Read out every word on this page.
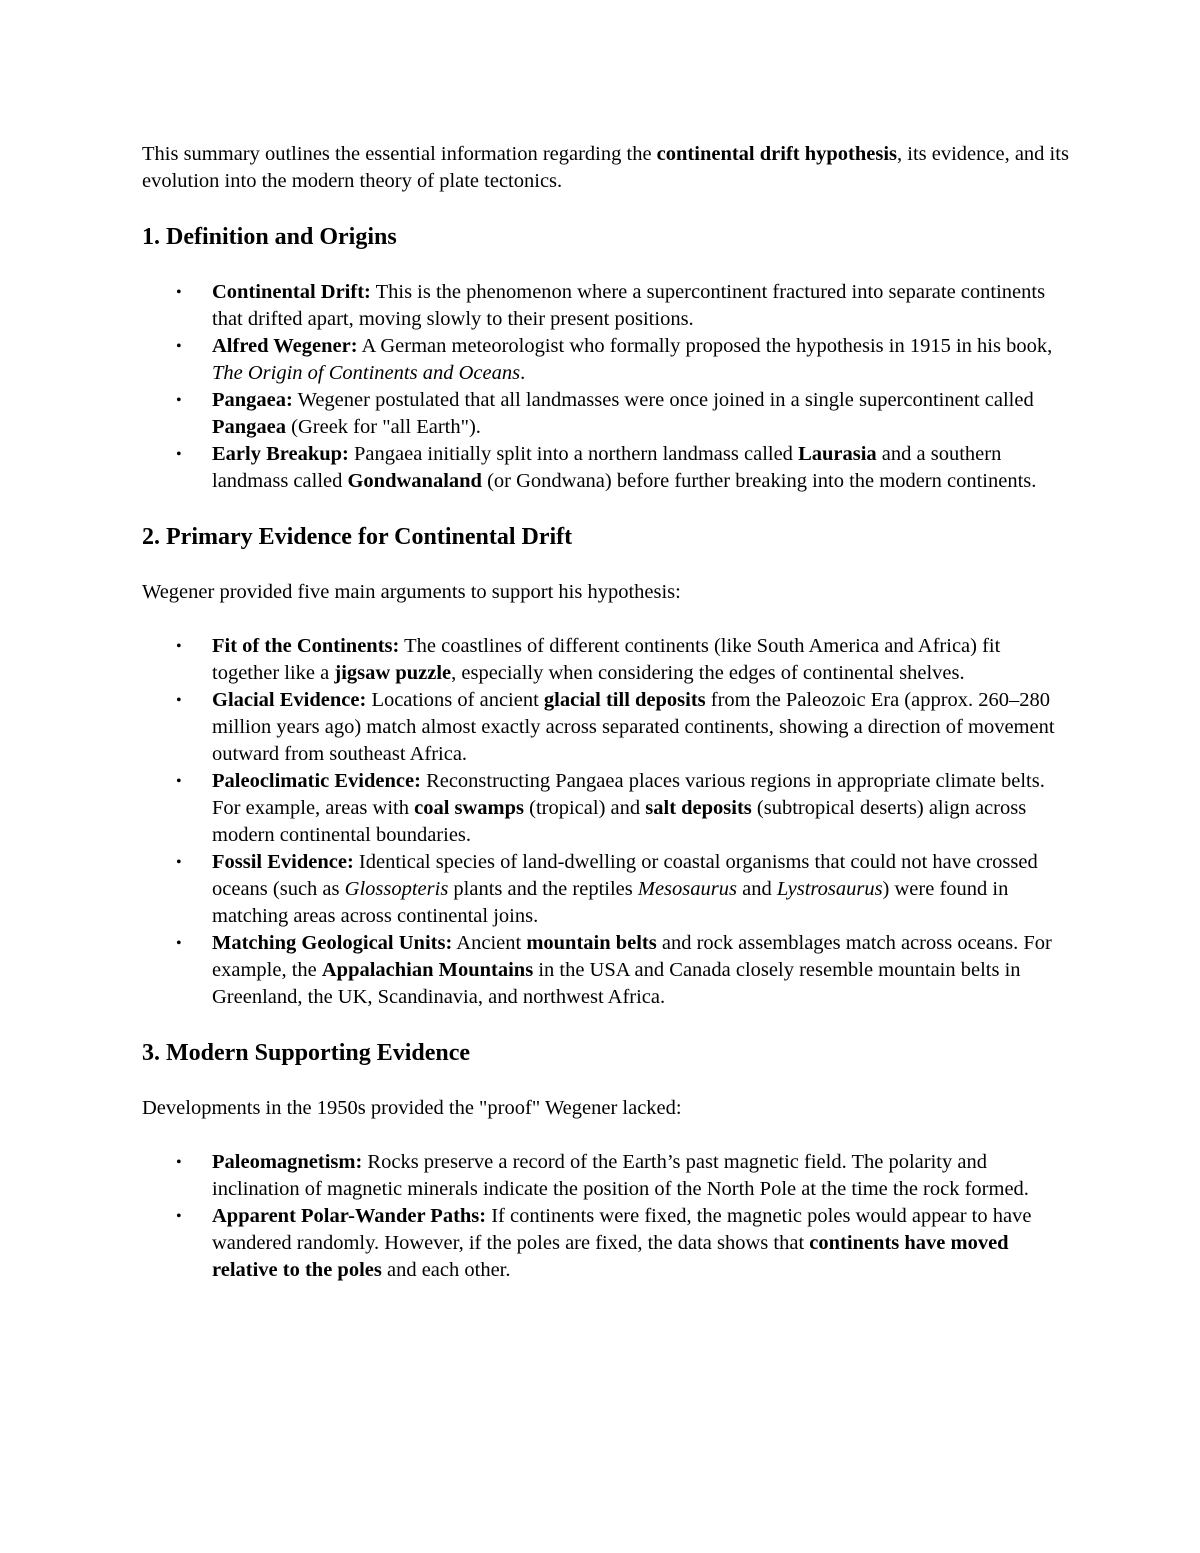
This summary outlines the essential information regarding the continental drift hypothesis, its evidence, and its evolution into the modern theory of plate tectonics.

1. Definition and Origins
• Continental Drift: This is the phenomenon where a supercontinent fractured into separate continents that drifted apart, moving slowly to their present positions.
• Alfred Wegener: A German meteorologist who formally proposed the hypothesis in 1915 in his book, The Origin of Continents and Oceans.
• Pangaea: Wegener postulated that all landmasses were once joined in a single supercontinent called Pangaea (Greek for "all Earth").
• Early Breakup: Pangaea initially split into a northern landmass called Laurasia and a southern landmass called Gondwanaland (or Gondwana) before further breaking into the modern continents.
2. Primary Evidence for Continental Drift

Wegener provided five main arguments to support his hypothesis:

• Fit of the Continents: The coastlines of different continents (like South America and Africa) fit together like a jigsaw puzzle, especially when considering the edges of continental shelves.
• Glacial Evidence: Locations of ancient glacial till deposits from the Paleozoic Era (approx. 260–280 million years ago) match almost exactly across separated continents, showing a direction of movement outward from southeast Africa.
• Paleoclimatic Evidence: Reconstructing Pangaea places various regions in appropriate climate belts. For example, areas with coal swamps (tropical) and salt deposits (subtropical deserts) align across modern continental boundaries.
• Fossil Evidence: Identical species of land-dwelling or coastal organisms that could not have crossed oceans (such as Glossopteris plants and the reptiles Mesosaurus and Lystrosaurus) were found in matching areas across continental joins.
• Matching Geological Units: Ancient mountain belts and rock assemblages match across oceans. For example, the Appalachian Mountains in the USA and Canada closely resemble mountain belts in Greenland, the UK, Scandinavia, and northwest Africa.
3. Modern Supporting Evidence

Developments in the 1950s provided the "proof" Wegener lacked:

• Paleomagnetism: Rocks preserve a record of the Earth’s past magnetic field. The polarity and inclination of magnetic minerals indicate the position of the North Pole at the time the rock formed.
• Apparent Polar-Wander Paths: If continents were fixed, the magnetic poles would appear to have wandered randomly. However, if the poles are fixed, the data shows that continents have moved relative to the poles and each other.
